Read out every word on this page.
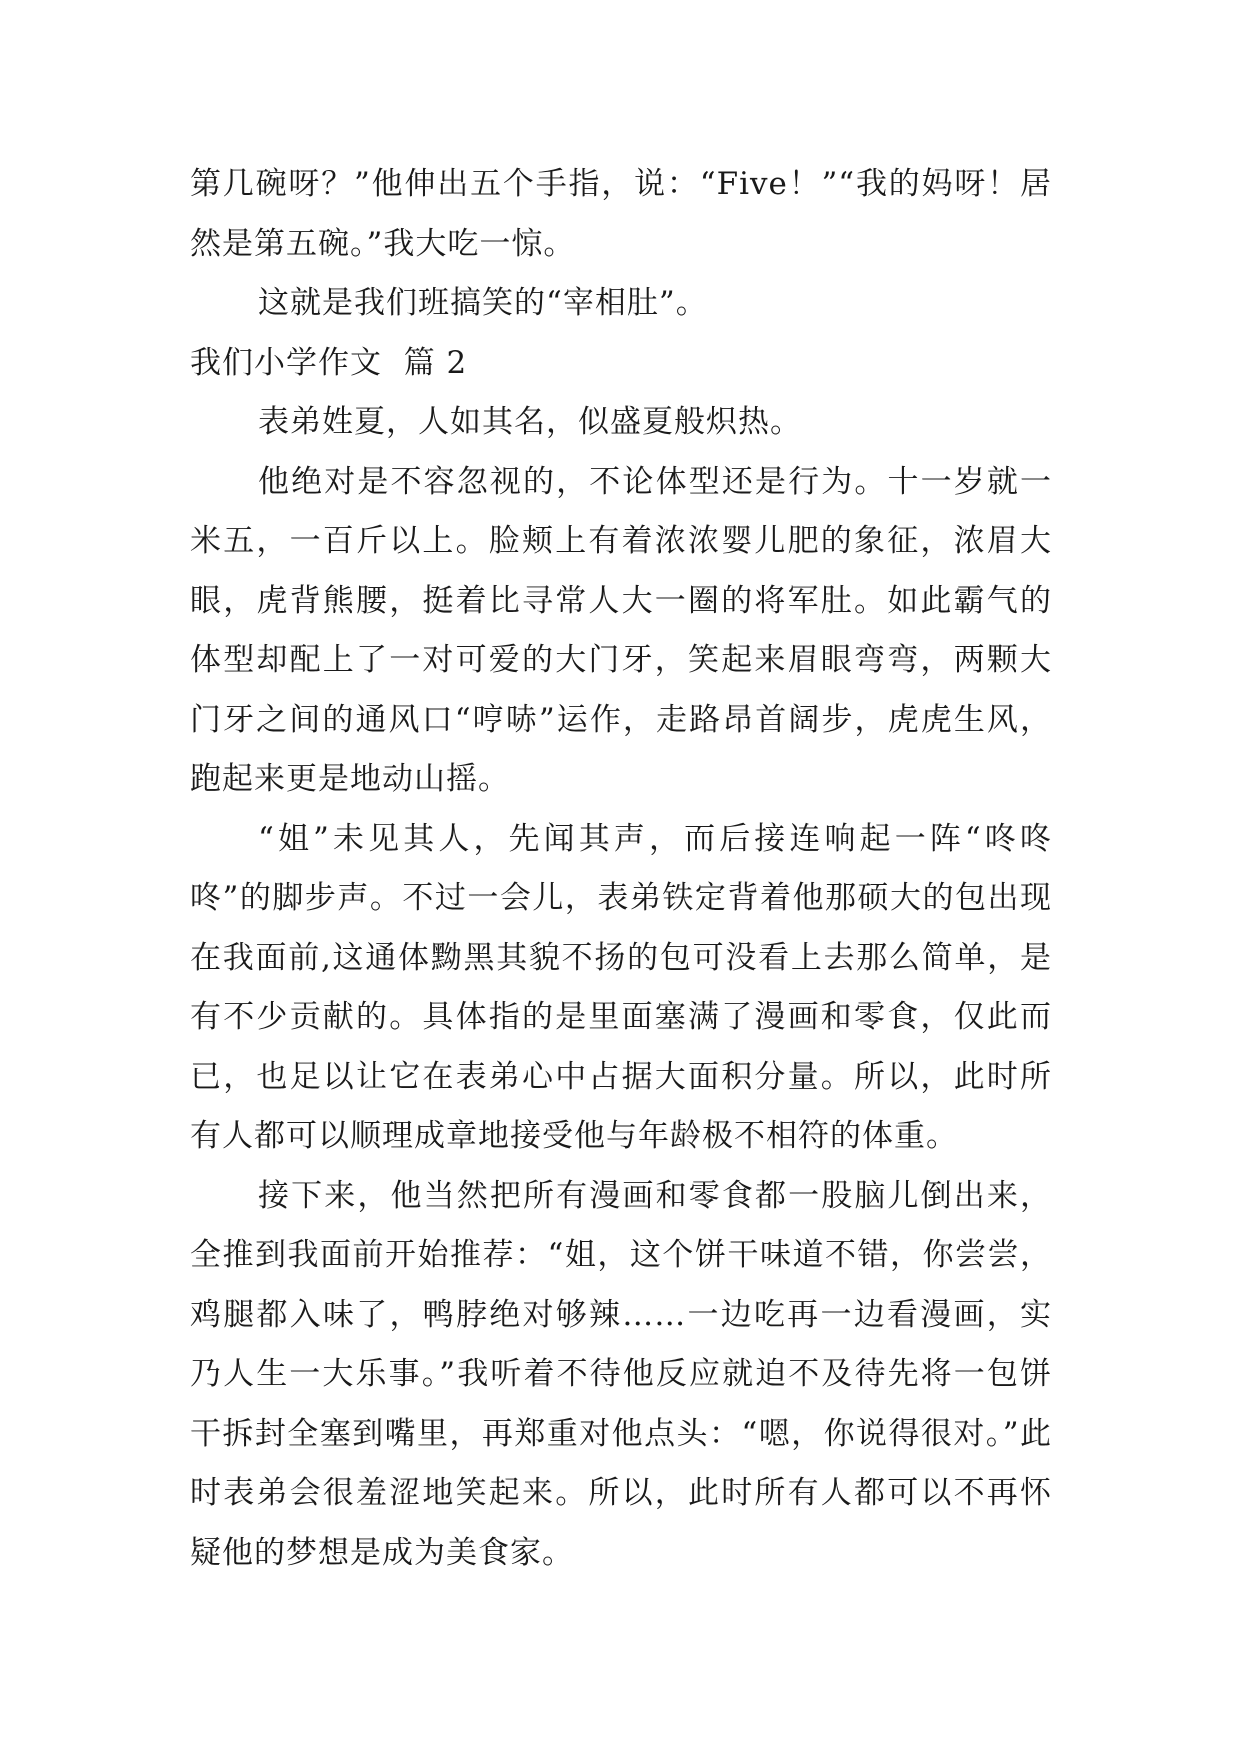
第几碗呀？”他伸出五个手指，说：“Five！”“我的妈呀！居然是第五碗。”我大吃一惊。

这就是我们班搞笑的“宰相肚”。

我们小学作文  篇 2

表弟姓夏，人如其名，似盛夏般炽热。

他绝对是不容忽视的，不论体型还是行为。十一岁就一米五，一百斤以上。脸颊上有着浓浓婴儿肥的象征，浓眉大眼，虎背熊腰，挺着比寻常人大一圈的将军肚。如此霸气的体型却配上了一对可爱的大门牙，笑起来眉眼弯弯，两颗大门牙之间的通风口“哼哧”运作，走路昂首阔步，虎虎生风，跑起来更是地动山摇。

“姐”未见其人，先闻其声，而后接连响起一阵“咚咚咚”的脚步声。不过一会儿，表弟铁定背着他那硕大的包出现在我面前,这通体黝黑其貌不扬的包可没看上去那么简单，是有不少贡献的。具体指的是里面塞满了漫画和零食，仅此而已，也足以让它在表弟心中占据大面积分量。所以，此时所有人都可以顺理成章地接受他与年龄极不相符的体重。

接下来，他当然把所有漫画和零食都一股脑儿倒出来，全推到我面前开始推荐：“姐，这个饼干味道不错，你尝尝，鸡腿都入味了，鸭脖绝对够辣……一边吃再一边看漫画，实乃人生一大乐事。”我听着不待他反应就迫不及待先将一包饼干拆封全塞到嘴里，再郑重对他点头：“嗯，你说得很对。”此时表弟会很羞涩地笑起来。所以，此时所有人都可以不再怀疑他的梦想是成为美食家。
